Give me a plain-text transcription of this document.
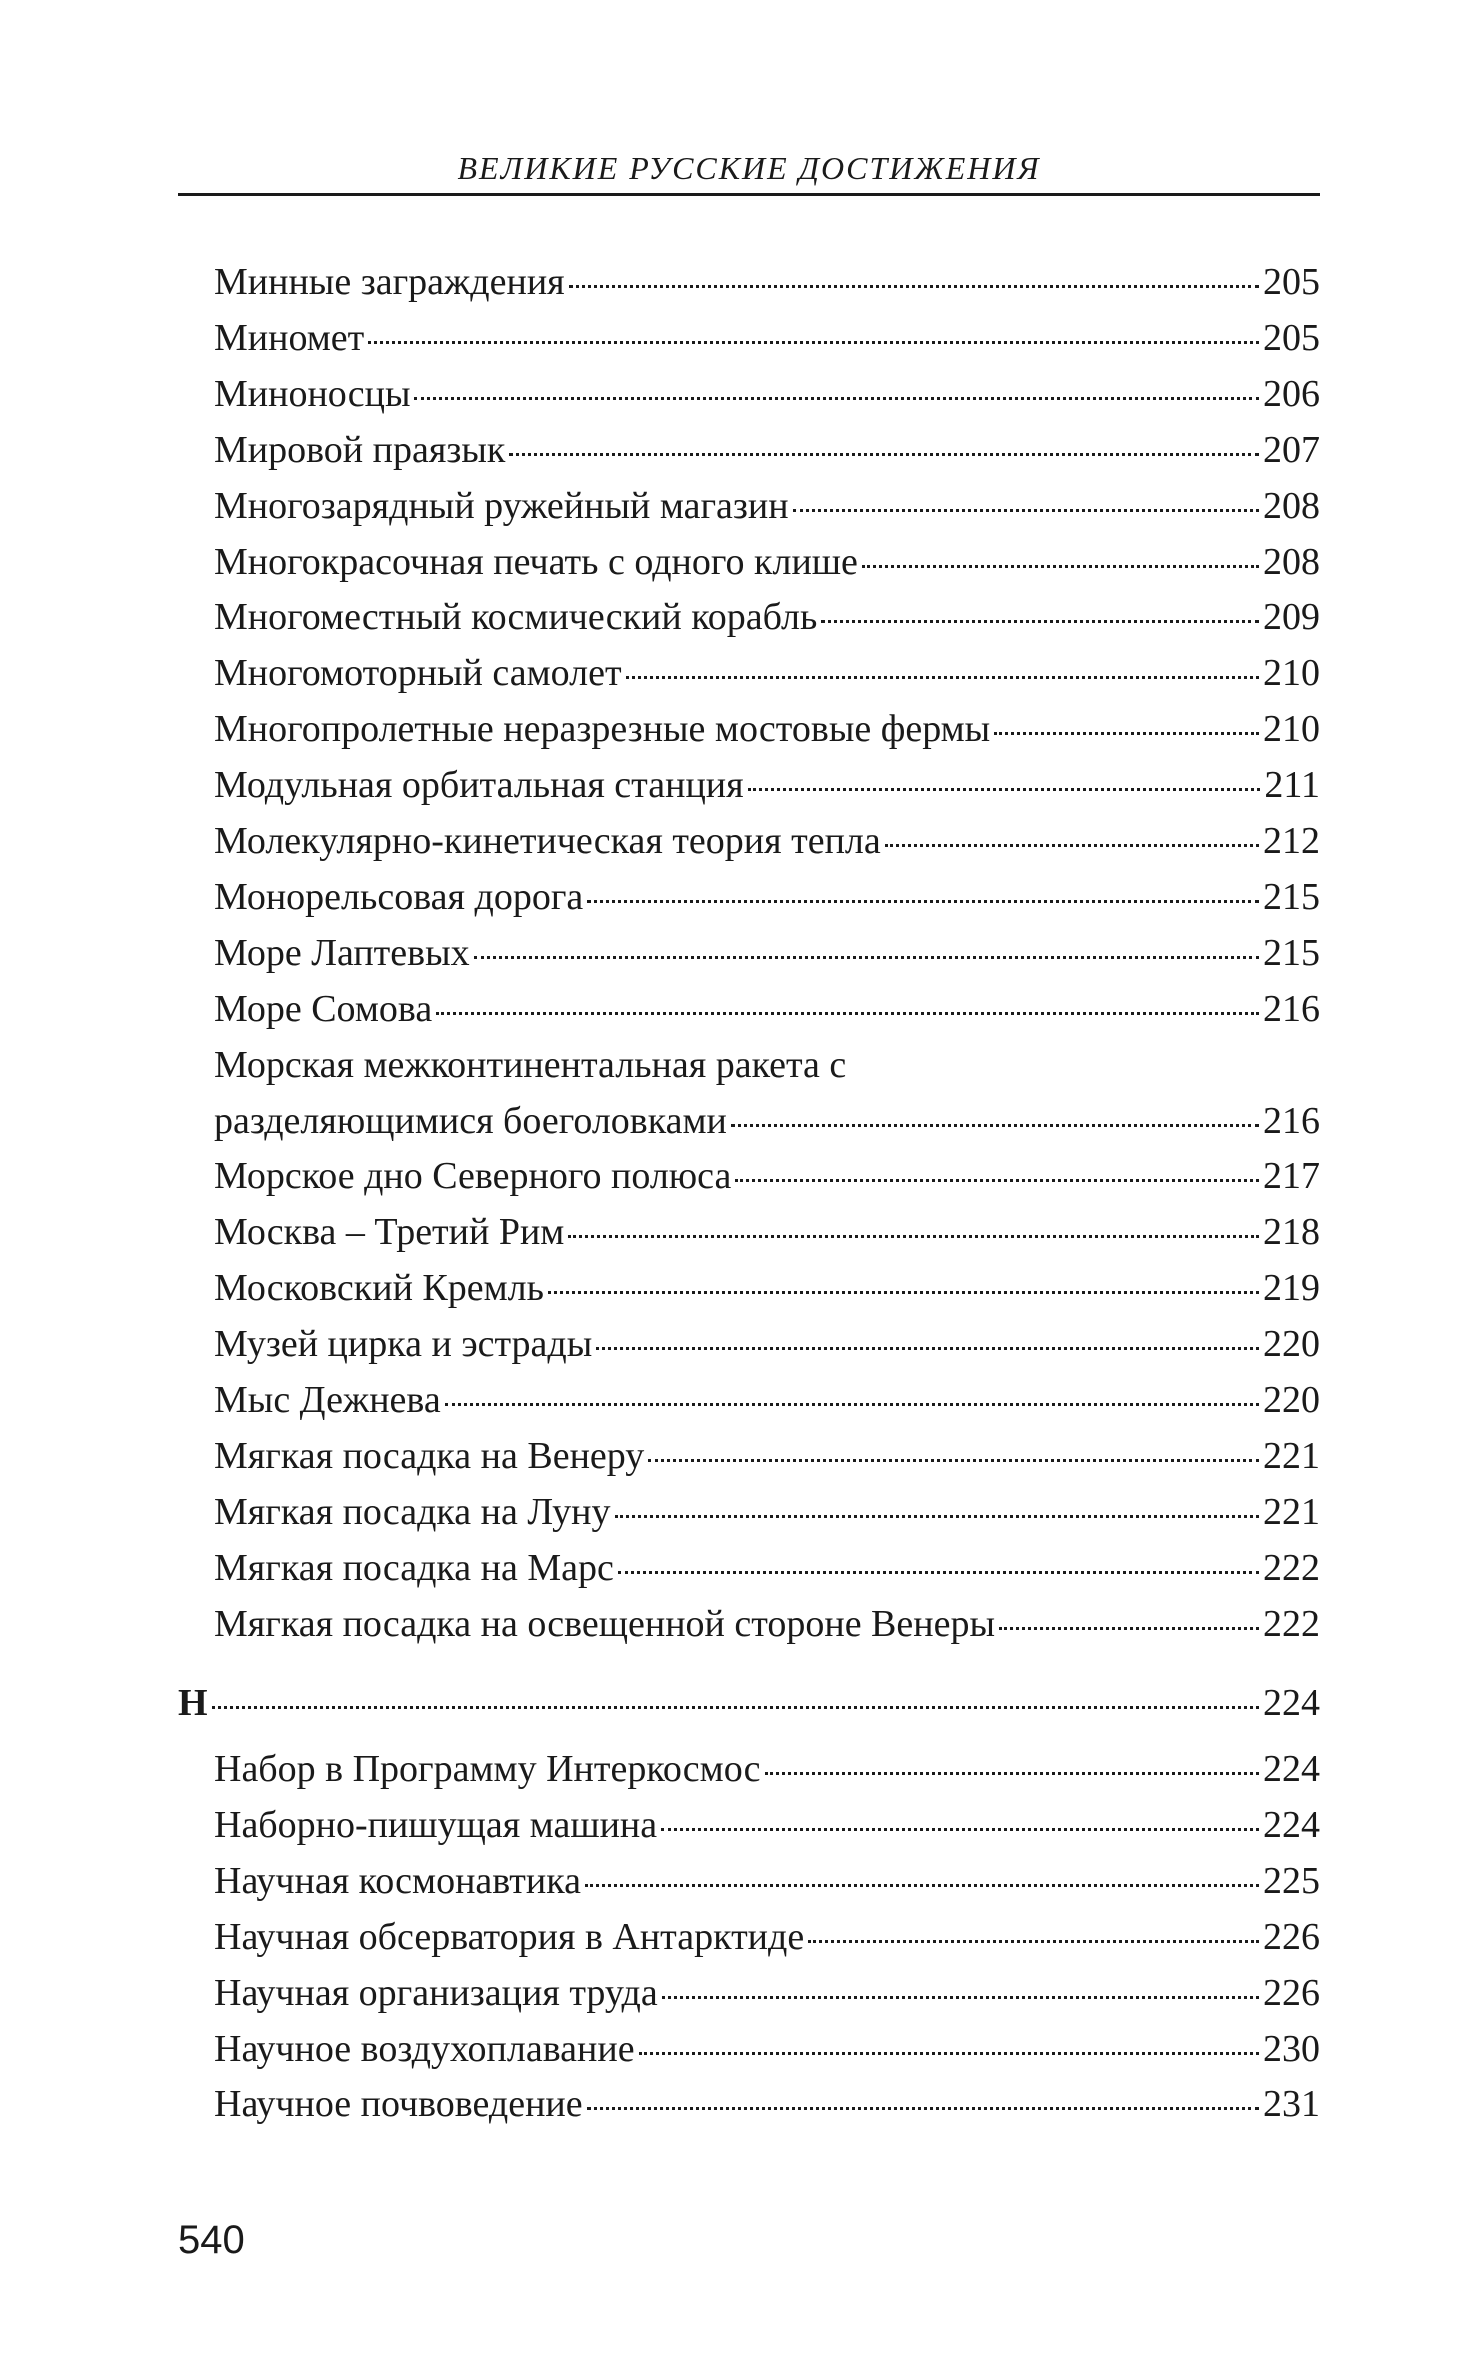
ВЕЛИКИЕ РУССКИЕ ДОСТИЖЕНИЯ
Минные заграждения	205
Миномет	205
Миноносцы	206
Мировой праязык	207
Многозарядный ружейный магазин	208
Многокрасочная печать с одного клише	208
Многоместный космический корабль	209
Многомоторный самолет	210
Многопролетные неразрезные мостовые фермы	210
Модульная орбитальная станция	211
Молекулярно-кинетическая теория тепла	212
Монорельсовая дорога	215
Море Лаптевых	215
Море Сомова	216
Морская межконтинентальная ракета с
разделяющимися боеголовками	216
Морское дно Северного полюса	217
Москва – Третий Рим	218
Московский Кремль	219
Музей цирка и эстрады	220
Мыс Дежнева	220
Мягкая посадка на Венеру	221
Мягкая посадка на Луну	221
Мягкая посадка на Марс	222
Мягкая посадка на освещенной стороне Венеры	222
Н	224
Набор в Программу Интеркосмос	224
Наборно-пишущая машина	224
Научная космонавтика	225
Научная обсерватория в Антарктиде	226
Научная организация труда	226
Научное воздухоплавание	230
Научное почвоведение	231
540
